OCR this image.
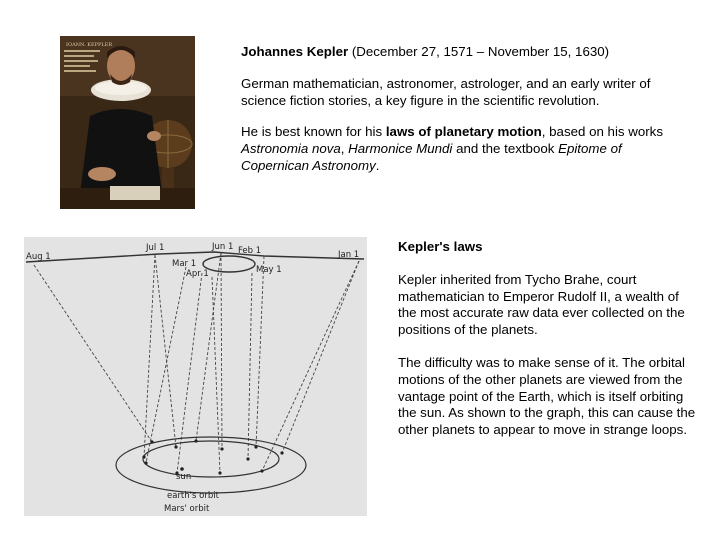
IOANN. KEPPLER	Johannes Kepler (December 27, 1571 – November 15, 1630)

German mathematician, astronomer, astrologer, and an early writer of science fiction stories, a key figure in the scientific revolution.

He is best known for his laws of planetary motion, based on his works Astronomia nova, Harmonice Mundi and the textbook Epitome of Copernican Astronomy.

Aug 1
Jul 1	Jun 1 Feb 1	Jan 1
Mar 1
Apr 1	May 1
sun
earth's orbit
Mars' orbit
Kepler's laws

Kepler inherited from Tycho Brahe, court mathematician to Emperor Rudolf II, a wealth of the most accurate raw data ever collected on the positions of the planets.

The difficulty was to make sense of it. The orbital motions of the other planets are viewed from the vantage point of the Earth, which is itself orbiting the sun. As shown to the graph, this can cause the other planets to appear to move in strange loops.
